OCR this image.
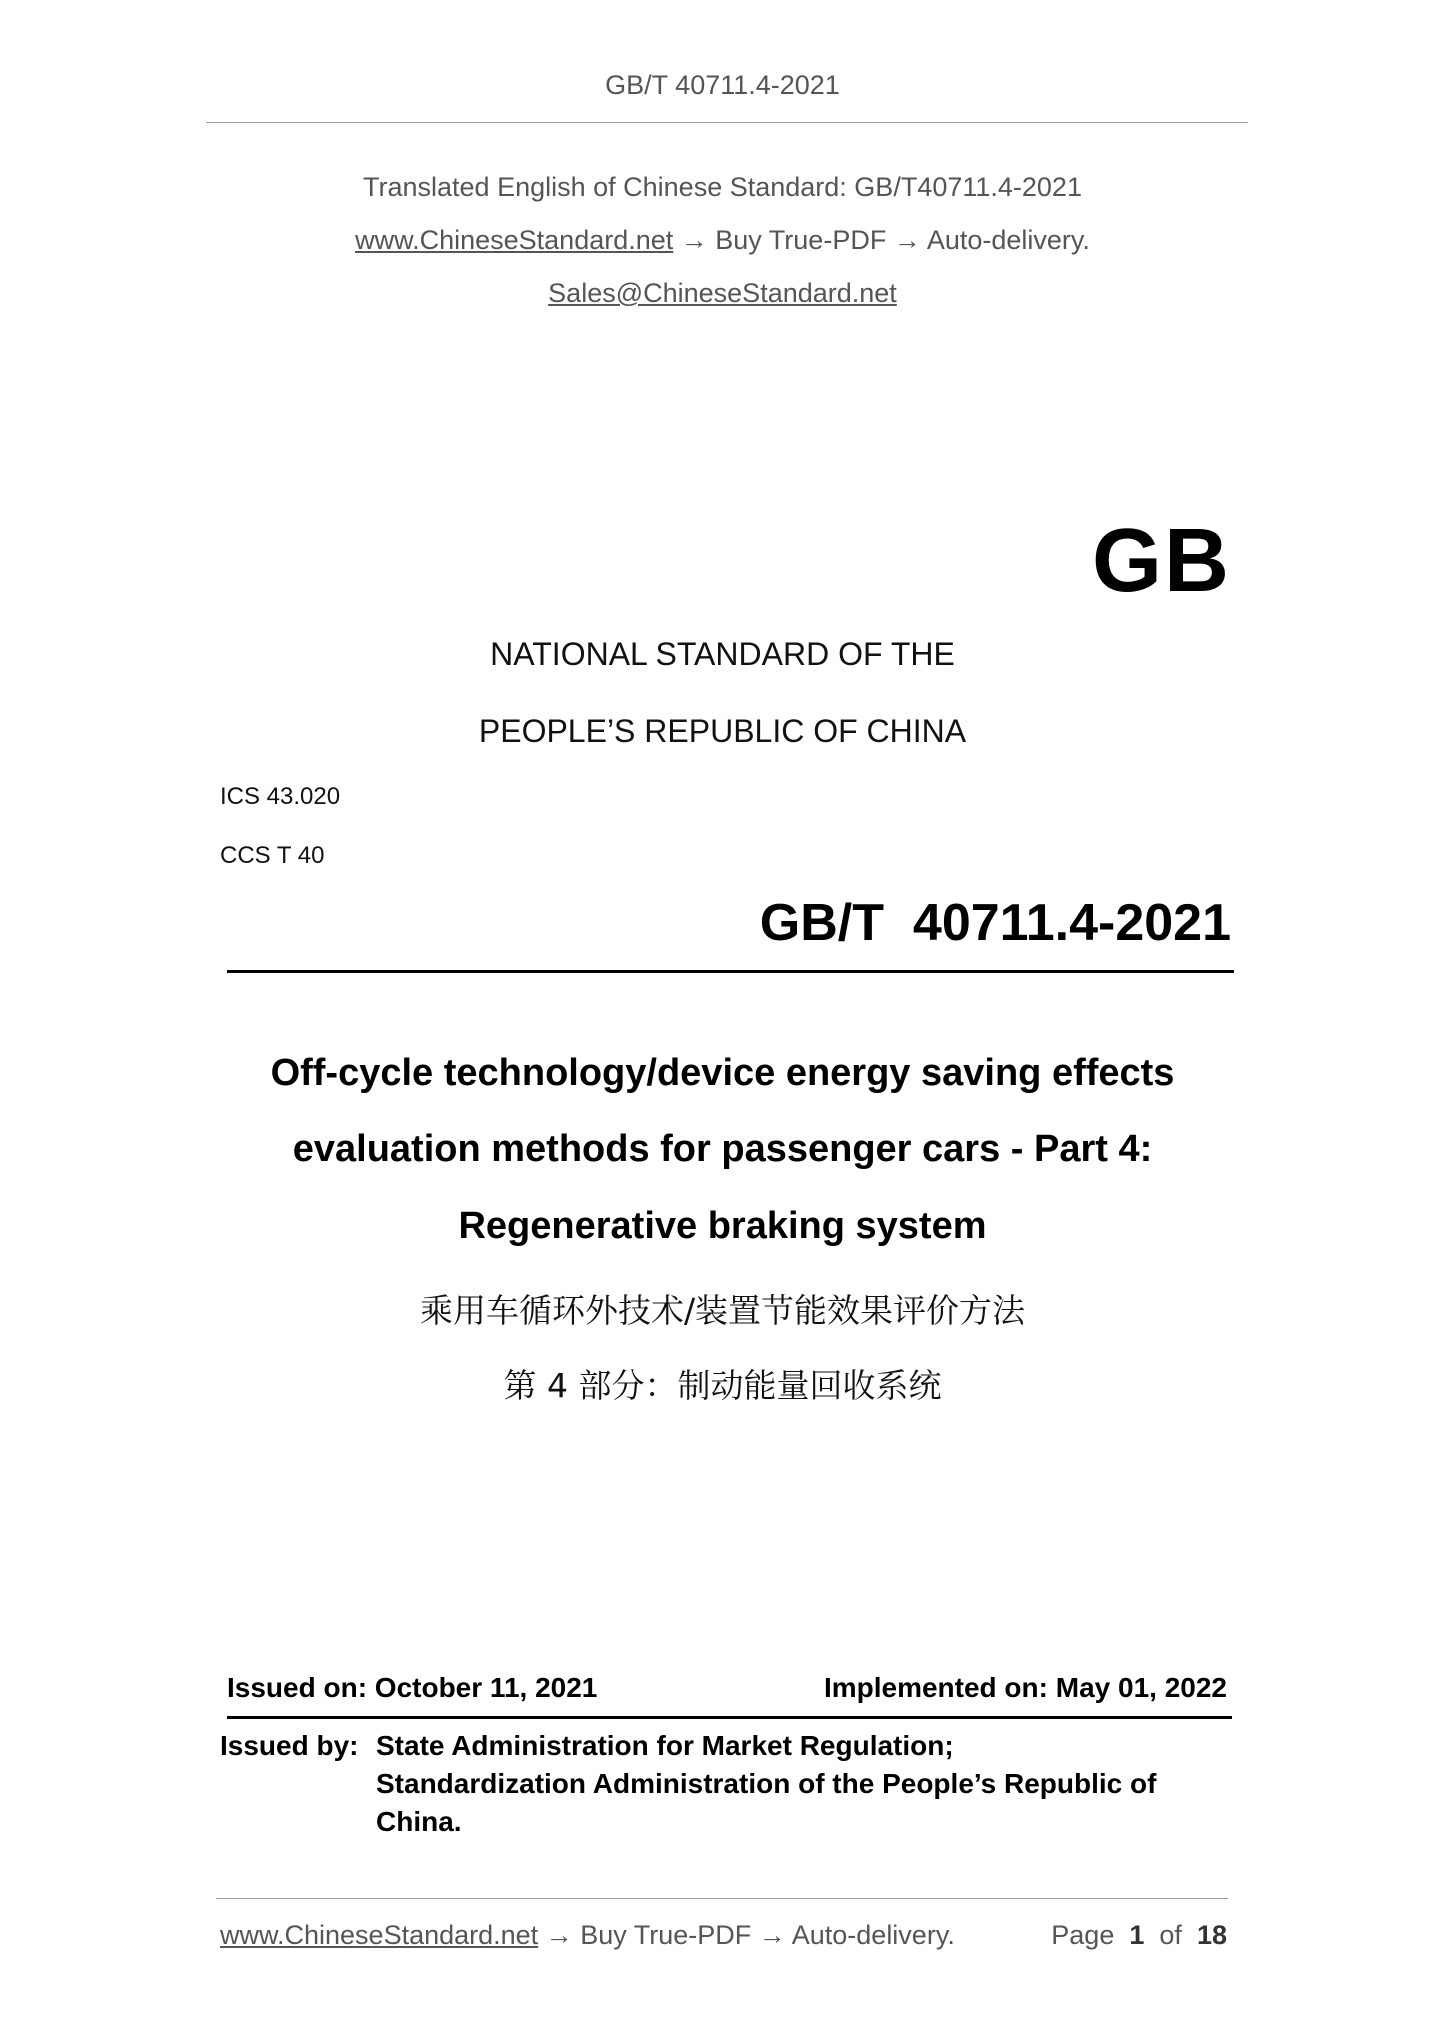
GB/T 40711.4-2021
Translated English of Chinese Standard: GB/T40711.4-2021
www.ChineseStandard.net → Buy True-PDF → Auto-delivery.
Sales@ChineseStandard.net
GB
NATIONAL STANDARD OF THE
PEOPLE’S REPUBLIC OF CHINA
ICS 43.020
CCS T 40
GB/T  40711.4-2021
Off-cycle technology/device energy saving effects
evaluation methods for passenger cars - Part 4:
Regenerative braking system
乘用车循环外技术/装置节能效果评价方法
第 4 部分：制动能量回收系统
Issued on: October 11, 2021	Implemented on: May 01, 2022
Issued by: State Administration for Market Regulation;
Standardization Administration of the People’s Republic of
China.
www.ChineseStandard.net → Buy True-PDF → Auto-delivery.	Page 1 of 18
